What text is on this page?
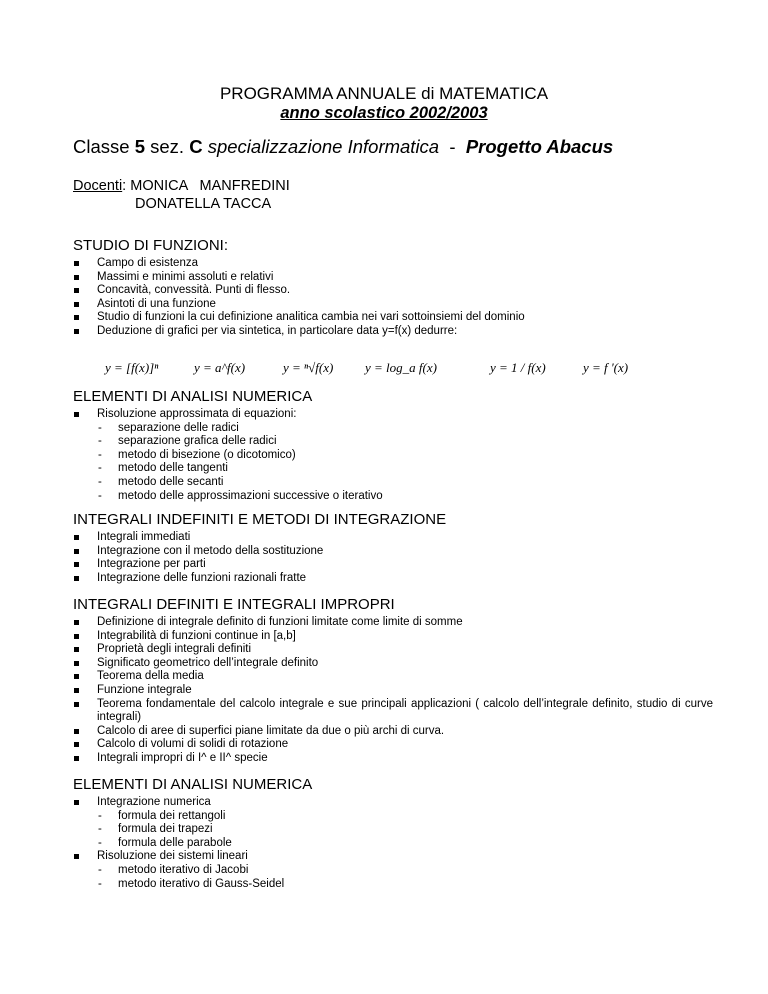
PROGRAMMA ANNUALE di MATEMATICA
anno scolastico 2002/2003
Classe 5 sez. C specializzazione Informatica  -  Progetto Abacus
Docenti: MONICA   MANFREDINI
DONATELLA TACCA
STUDIO DI FUNZIONI:
Campo di esistenza
Massimi e minimi assoluti e relativi
Concavità, convessità. Punti di flesso.
Asintoti di una funzione
Studio di funzioni la cui definizione analitica cambia nei vari sottoinsiemi del dominio
Deduzione di grafici per via sintetica, in particolare data y=f(x) dedurre:
y = [f(x)]ⁿ	y = a^f(x)	y = ⁿ√f(x) y = log_a f(x)	y = 1 / f(x)	y = f '(x)
ELEMENTI DI ANALISI NUMERICA
Risoluzione approssimata di equazioni:
- separazione delle radici
- separazione grafica delle radici
- metodo di bisezione (o dicotomico)
- metodo delle tangenti
- metodo delle secanti
- metodo delle approssimazioni successive o iterativo
INTEGRALI INDEFINITI E METODI DI INTEGRAZIONE
Integrali immediati
Integrazione con il metodo della sostituzione
Integrazione per parti
Integrazione delle funzioni razionali fratte
INTEGRALI DEFINITI E INTEGRALI IMPROPRI
Definizione di integrale definito di funzioni limitate come limite di somme
Integrabilità di funzioni continue in [a,b]
Proprietà degli integrali definiti
Significato geometrico dell’integrale definito
Teorema della media
Funzione integrale
Teorema fondamentale del calcolo integrale e sue principali applicazioni ( calcolo dell’integrale definito, studio di curve integrali)
Calcolo di aree di superfici piane limitate da due o più archi di curva.
Calcolo di volumi di solidi di rotazione
Integrali impropri di I^ e II^ specie
ELEMENTI DI ANALISI NUMERICA
Integrazione numerica
- formula dei rettangoli
- formula dei trapezi
- formula delle parabole
Risoluzione dei sistemi lineari
- metodo iterativo di Jacobi
- metodo iterativo di Gauss-Seidel
